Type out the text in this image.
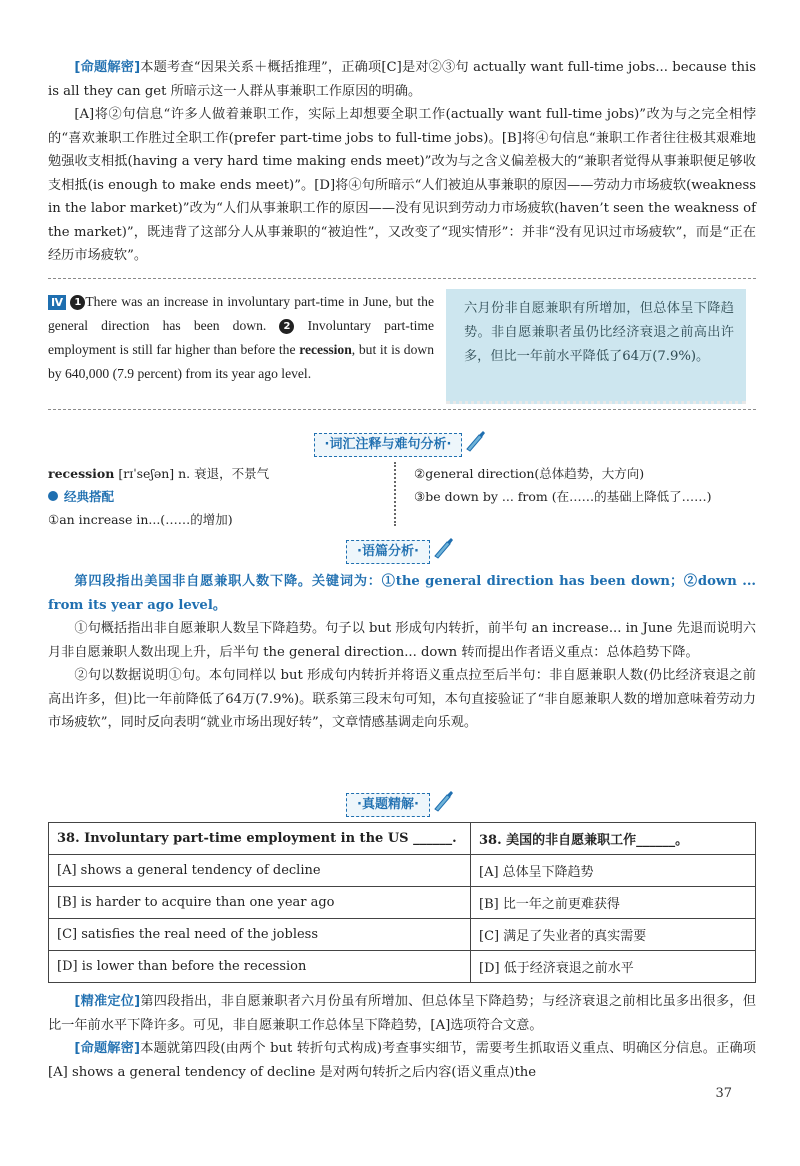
[命题解密]本题考查“因果关系＋概括推理”，正确项[C]是对②③句 actually want full-time jobs... because this is all they can get 所暗示这一人群从事兼职工作原因的明确。

[A]将②句信息“许多人做着兼职工作，实际上却想要全职工作(actually want full-time jobs)”改为与之完全相悖的“喜欢兼职工作胜过全职工作(prefer part-time jobs to full-time jobs)。[B]将④句信息“兼职工作者往往极其艰难地勉强收支相抵(having a very hard time making ends meet)”改为与之含义偏差极大的“兼职者觉得从事兼职便足够收支相抵(is enough to make ends meet)”。[D]将④句所暗示“人们被迫从事兼职的原因——劳动力市场疲软(weakness in the labor market)”改为“人们从事兼职工作的原因——没有见识到劳动力市场疲软(haven’t seen the weakness of the market)”，既违背了这部分人从事兼职的“被迫性”，又改变了“现实情形”：并非“没有见识过市场疲软”，而是“正在经历市场疲软”。

Ⅳ 1 There was an increase in involuntary part-time in June, but the general direction has been down. 2 Involuntary part-time employment is still far higher than before the recession, but it is down by 640,000 (7.9 percent) from its year ago level.

六月份非自愿兼职有所增加，但总体呈下降趋势。非自愿兼职者虽仍比经济衰退之前高出许多，但比一年前水平降低了64万(7.9%)。

·词汇注释与难句分析·
recession [rɪˈseʃən] n. 衰退，不景气
经典搭配
①an increase in...(……的增加)
②general direction(总体趋势，大方向)
③be down by ... from (在……的基础上降低了……)
·语篇分析·

第四段指出美国非自愿兼职人数下降。关键词为：①the general direction has been down；②down ... from its year ago level。

①句概括指出非自愿兼职人数呈下降趋势。句子以 but 形成句内转折，前半句 an increase... in June 先退而说明六月非自愿兼职人数出现上升，后半句 the general direction... down 转而提出作者语义重点：总体趋势下降。

②句以数据说明①句。本句同样以 but 形成句内转折并将语义重点拉至后半句：非自愿兼职人数(仍比经济衰退之前高出许多，但)比一年前降低了64万(7.9%)。联系第三段末句可知，本句直接验证了“非自愿兼职人数的增加意味着劳动力市场疲软”，同时反向表明“就业市场出现好转”，文章情感基调走向乐观。

·真题精解·
38. Involuntary part-time employment in the US ______.	38. 美国的非自愿兼职工作______。
[A] shows a general tendency of decline	[A] 总体呈下降趋势
[B] is harder to acquire than one year ago	[B] 比一年之前更难获得
[C] satisfies the real need of the jobless	[C] 满足了失业者的真实需要
[D] is lower than before the recession	[D] 低于经济衰退之前水平

[精准定位]第四段指出，非自愿兼职者六月份虽有所增加、但总体呈下降趋势；与经济衰退之前相比虽多出很多，但比一年前水平下降许多。可见，非自愿兼职工作总体呈下降趋势，[A]选项符合文意。

[命题解密]本题就第四段(由两个 but 转折句式构成)考查事实细节，需要考生抓取语义重点、明确区分信息。正确项[A] shows a general tendency of decline 是对两句转折之后内容(语义重点)the

37
